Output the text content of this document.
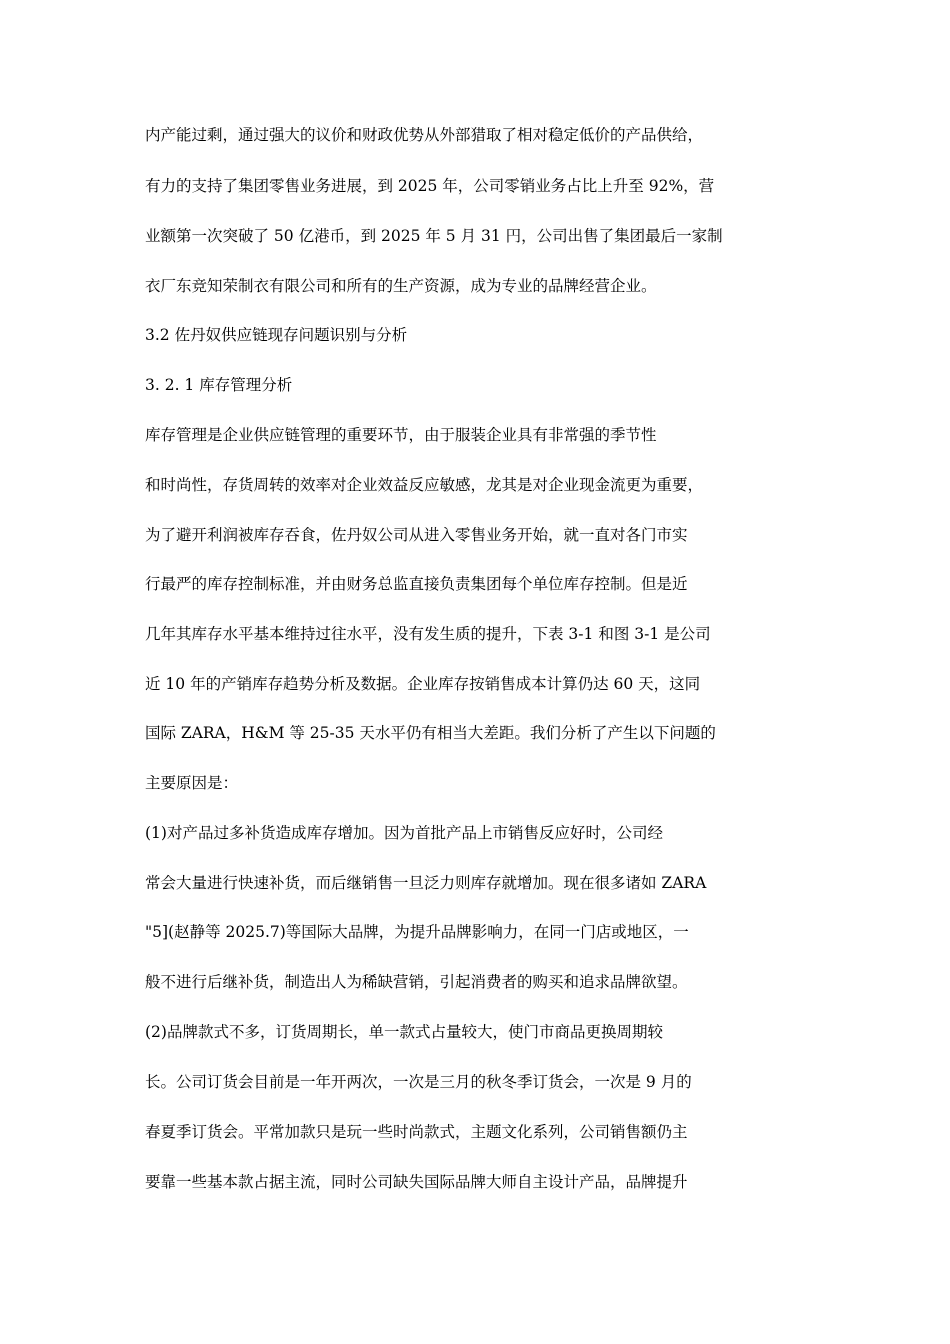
内产能过剩，通过强大的议价和财政优势从外部猎取了相对稳定低价的产品供给，
有力的支持了集团零售业务进展，到 2025 年，公司零销业务占比上升至 92%，营
业额第一次突破了 50 亿港币，到 2025 年 5 月 31 円，公司出售了集团最后一家制
衣厂东竞知荣制衣有限公司和所有的生产资源，成为专业的品牌经营企业。
3.2 佐丹奴供应链现存问题识别与分析
3. 2. 1 库存管理分析
库存管理是企业供应链管理的重要环节，由于服装企业具有非常强的季节性
和时尚性，存货周转的效率对企业效益反应敏感，龙其是对企业现金流更为重要，
为了避开利润被库存吞食，佐丹奴公司从进入零售业务开始，就一直对各门市实
行最严的库存控制标准，并由财务总监直接负责集团每个单位库存控制。但是近
几年其库存水平基本维持过往水平，没有发生质的提升，下表 3-1 和图 3-1 是公司
近 10 年的产销库存趋势分析及数据。企业库存按销售成本计算仍达 60 天，这同
国际 ZARA，H&M 等 25-35 天水平仍有相当大差距。我们分析了产生以下问题的
主要原因是：
(1)对产品过多补货造成库存增加。因为首批产品上市销售反应好时，公司经
常会大量进行快速补货，而后继销售一旦泛力则库存就增加。现在很多诸如 ZARA
"5](赵静等 2025.7)等国际大品牌，为提升品牌影响力，在同一门店或地区，一
般不进行后继补货，制造出人为稀缺营销，引起消费者的购买和追求品牌欲望。
(2)品牌款式不多，订货周期长，单一款式占量较大，使门市商品更换周期较
长。公司订货会目前是一年开两次，一次是三月的秋冬季订货会，一次是 9 月的
春夏季订货会。平常加款只是玩一些时尚款式，主题文化系列，公司销售额仍主
要靠一些基本款占据主流，同时公司缺失国际品牌大师自主设计产品，品牌提升
